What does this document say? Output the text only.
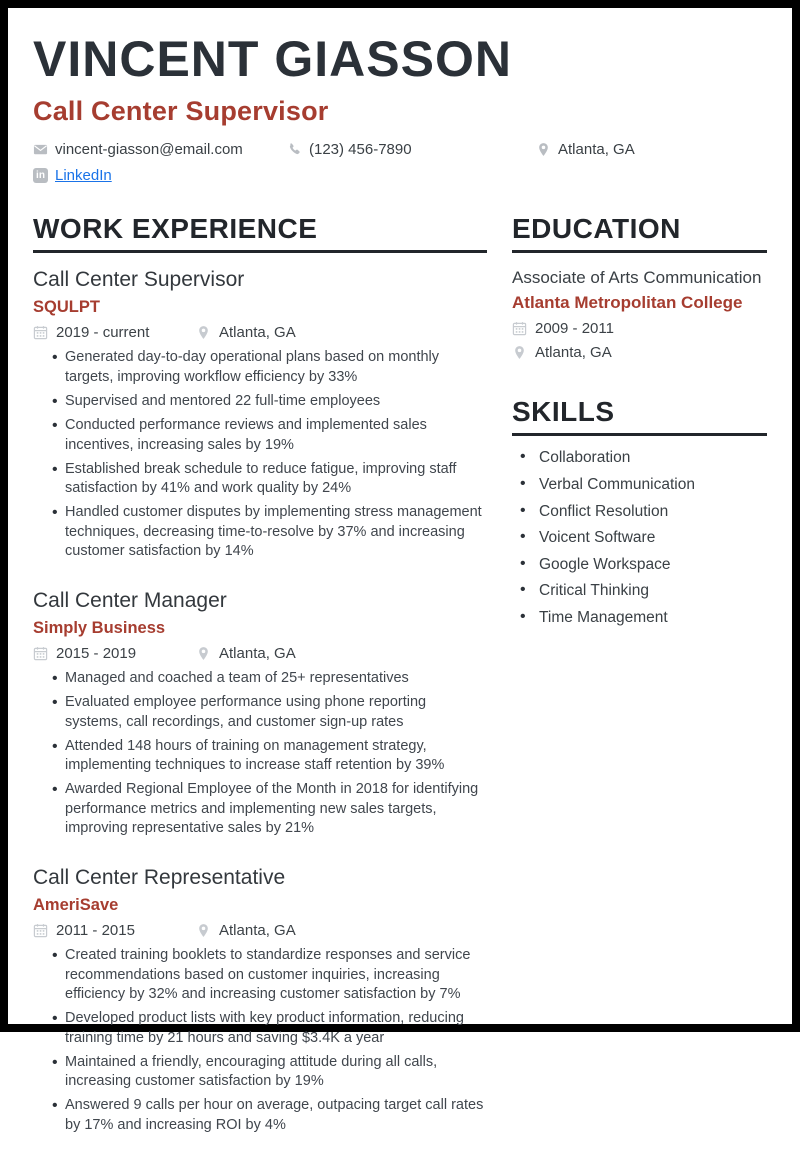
VINCENT GIASSON
Call Center Supervisor
vincent-giasson@email.com	(123) 456-7890	Atlanta, GA
in LinkedIn
WORK EXPERIENCE
Call Center Supervisor
SQULPT
2019 - current	Atlanta, GA
• Generated day-to-day operational plans based on monthly targets, improving workflow efficiency by 33%
• Supervised and mentored 22 full-time employees
• Conducted performance reviews and implemented sales incentives, increasing sales by 19%
• Established break schedule to reduce fatigue, improving staff satisfaction by 41% and work quality by 24%
• Handled customer disputes by implementing stress management techniques, decreasing time-to-resolve by 37% and increasing customer satisfaction by 14%
Call Center Manager
Simply Business
2015 - 2019	Atlanta, GA
• Managed and coached a team of 25+ representatives
• Evaluated employee performance using phone reporting systems, call recordings, and customer sign-up rates
• Attended 148 hours of training on management strategy, implementing techniques to increase staff retention by 39%
• Awarded Regional Employee of the Month in 2018 for identifying performance metrics and implementing new sales targets, improving representative sales by 21%
Call Center Representative
AmeriSave
2011 - 2015	Atlanta, GA
• Created training booklets to standardize responses and service recommendations based on customer inquiries, increasing efficiency by 32% and increasing customer satisfaction by 7%
• Developed product lists with key product information, reducing training time by 21 hours and saving $3.4K a year
• Maintained a friendly, encouraging attitude during all calls, increasing customer satisfaction by 19%
• Answered 9 calls per hour on average, outpacing target call rates by 17% and increasing ROI by 4%
EDUCATION
Associate of Arts Communication
Atlanta Metropolitan College
2009 - 2011
Atlanta, GA
SKILLS
• Collaboration
• Verbal Communication
• Conflict Resolution
• Voicent Software
• Google Workspace
• Critical Thinking
• Time Management
